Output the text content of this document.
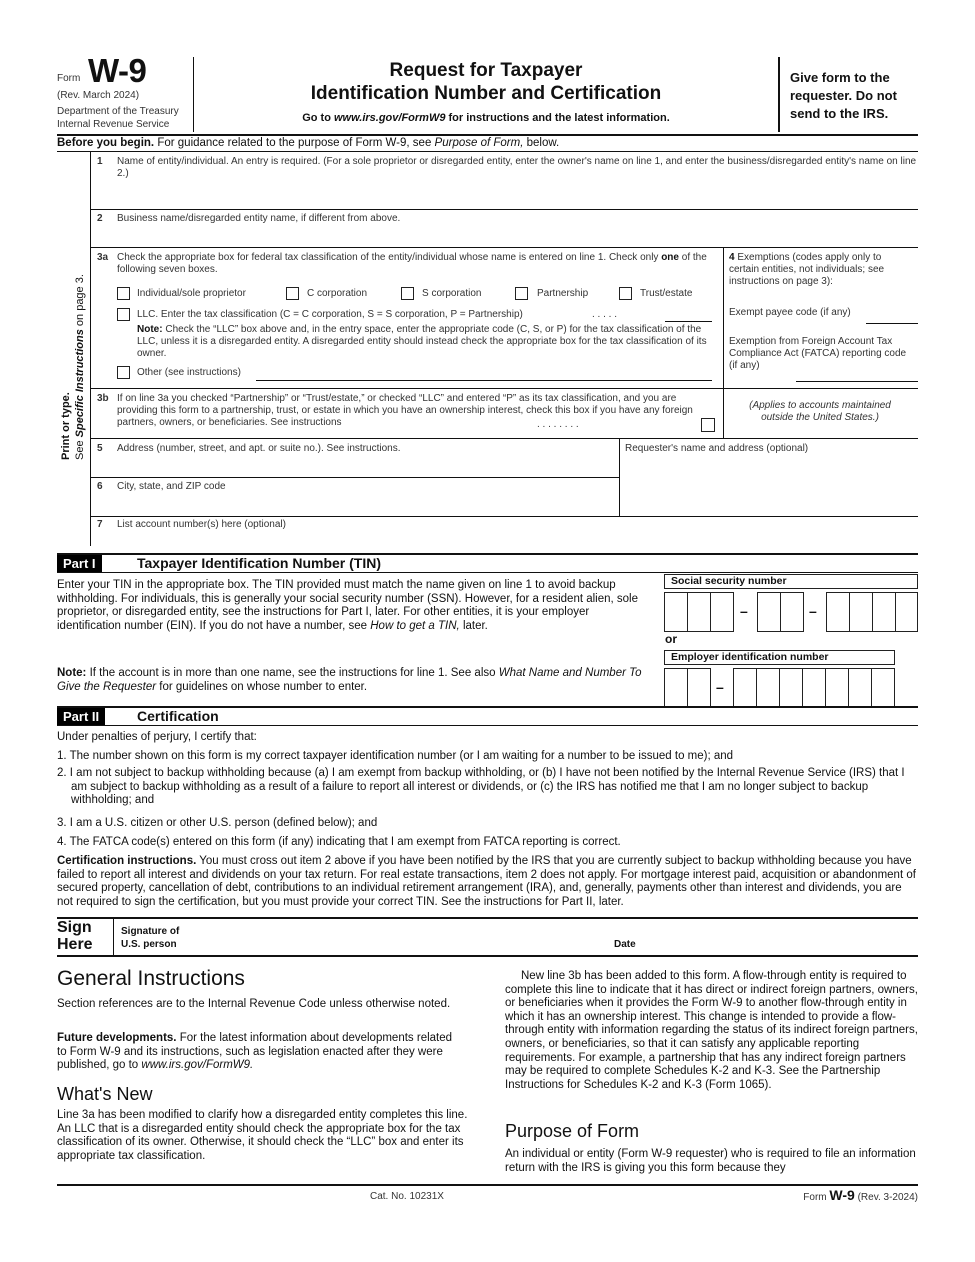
Form W-9
(Rev. March 2024)
Department of the Treasury
Internal Revenue Service
Request for Taxpayer
Identification Number and Certification
Go to www.irs.gov/FormW9 for instructions and the latest information.
Give form to the requester. Do not send to the IRS.
Before you begin. For guidance related to the purpose of Form W-9, see Purpose of Form, below.
Print or type. See Specific Instructions on page 3.
1 Name of entity/individual. An entry is required. (For a sole proprietor or disregarded entity, enter the owner's name on line 1, and enter the business/disregarded entity's name on line 2.)
2 Business name/disregarded entity name, if different from above.
3a Check the appropriate box for federal tax classification of the entity/individual whose name is entered on line 1. Check only one of the following seven boxes.
Individual/sole proprietor	C corporation	S corporation	Partnership	Trust/estate
LLC. Enter the tax classification (C = C corporation, S = S corporation, P = Partnership)	. . . . .
Note: Check the “LLC” box above and, in the entry space, enter the appropriate code (C, S, or P) for the tax classification of the LLC, unless it is a disregarded entity. A disregarded entity should instead check the appropriate box for the tax classification of its owner.
Other (see instructions)
4 Exemptions (codes apply only to certain entities, not individuals; see instructions on page 3):
Exempt payee code (if any)
Exemption from Foreign Account Tax Compliance Act (FATCA) reporting code (if any)
3b If on line 3a you checked “Partnership” or “Trust/estate,” or checked “LLC” and entered “P” as its tax classification, and you are providing this form to a partnership, trust, or estate in which you have an ownership interest, check this box if you have any foreign partners, owners, or beneficiaries. See instructions	. . . . . . . .
(Applies to accounts maintained outside the United States.)
5 Address (number, street, and apt. or suite no.). See instructions.	Requester's name and address (optional)
6 City, state, and ZIP code
7 List account number(s) here (optional)
Part I	Taxpayer Identification Number (TIN)
Enter your TIN in the appropriate box. The TIN provided must match the name given on line 1 to avoid backup withholding. For individuals, this is generally your social security number (SSN). However, for a resident alien, sole proprietor, or disregarded entity, see the instructions for Part I, later. For other entities, it is your employer identification number (EIN). If you do not have a number, see How to get a TIN, later.
Note: If the account is in more than one name, see the instructions for line 1. See also What Name and Number To Give the Requester for guidelines on whose number to enter.
Social security number
–	–
or
Employer identification number
–
Part II	Certification
Under penalties of perjury, I certify that:
1. The number shown on this form is my correct taxpayer identification number (or I am waiting for a number to be issued to me); and
2. I am not subject to backup withholding because (a) I am exempt from backup withholding, or (b) I have not been notified by the Internal Revenue Service (IRS) that I am subject to backup withholding as a result of a failure to report all interest or dividends, or (c) the IRS has notified me that I am no longer subject to backup withholding; and
3. I am a U.S. citizen or other U.S. person (defined below); and
4. The FATCA code(s) entered on this form (if any) indicating that I am exempt from FATCA reporting is correct.
Certification instructions. You must cross out item 2 above if you have been notified by the IRS that you are currently subject to backup withholding because you have failed to report all interest and dividends on your tax return. For real estate transactions, item 2 does not apply. For mortgage interest paid, acquisition or abandonment of secured property, cancellation of debt, contributions to an individual retirement arrangement (IRA), and, generally, payments other than interest and dividends, you are not required to sign the certification, but you must provide your correct TIN. See the instructions for Part II, later.
Sign
Here
Signature of
U.S. person	Date
General Instructions
Section references are to the Internal Revenue Code unless otherwise noted.
Future developments. For the latest information about developments related to Form W-9 and its instructions, such as legislation enacted after they were published, go to www.irs.gov/FormW9.
What's New
Line 3a has been modified to clarify how a disregarded entity completes this line. An LLC that is a disregarded entity should check the appropriate box for the tax classification of its owner. Otherwise, it should check the “LLC” box and enter its appropriate tax classification.
New line 3b has been added to this form. A flow-through entity is required to complete this line to indicate that it has direct or indirect foreign partners, owners, or beneficiaries when it provides the Form W-9 to another flow-through entity in which it has an ownership interest. This change is intended to provide a flow-through entity with information regarding the status of its indirect foreign partners, owners, or beneficiaries, so that it can satisfy any applicable reporting requirements. For example, a partnership that has any indirect foreign partners may be required to complete Schedules K-2 and K-3. See the Partnership Instructions for Schedules K-2 and K-3 (Form 1065).
Purpose of Form
An individual or entity (Form W-9 requester) who is required to file an information return with the IRS is giving you this form because they
Cat. No. 10231X	Form W-9 (Rev. 3-2024)
